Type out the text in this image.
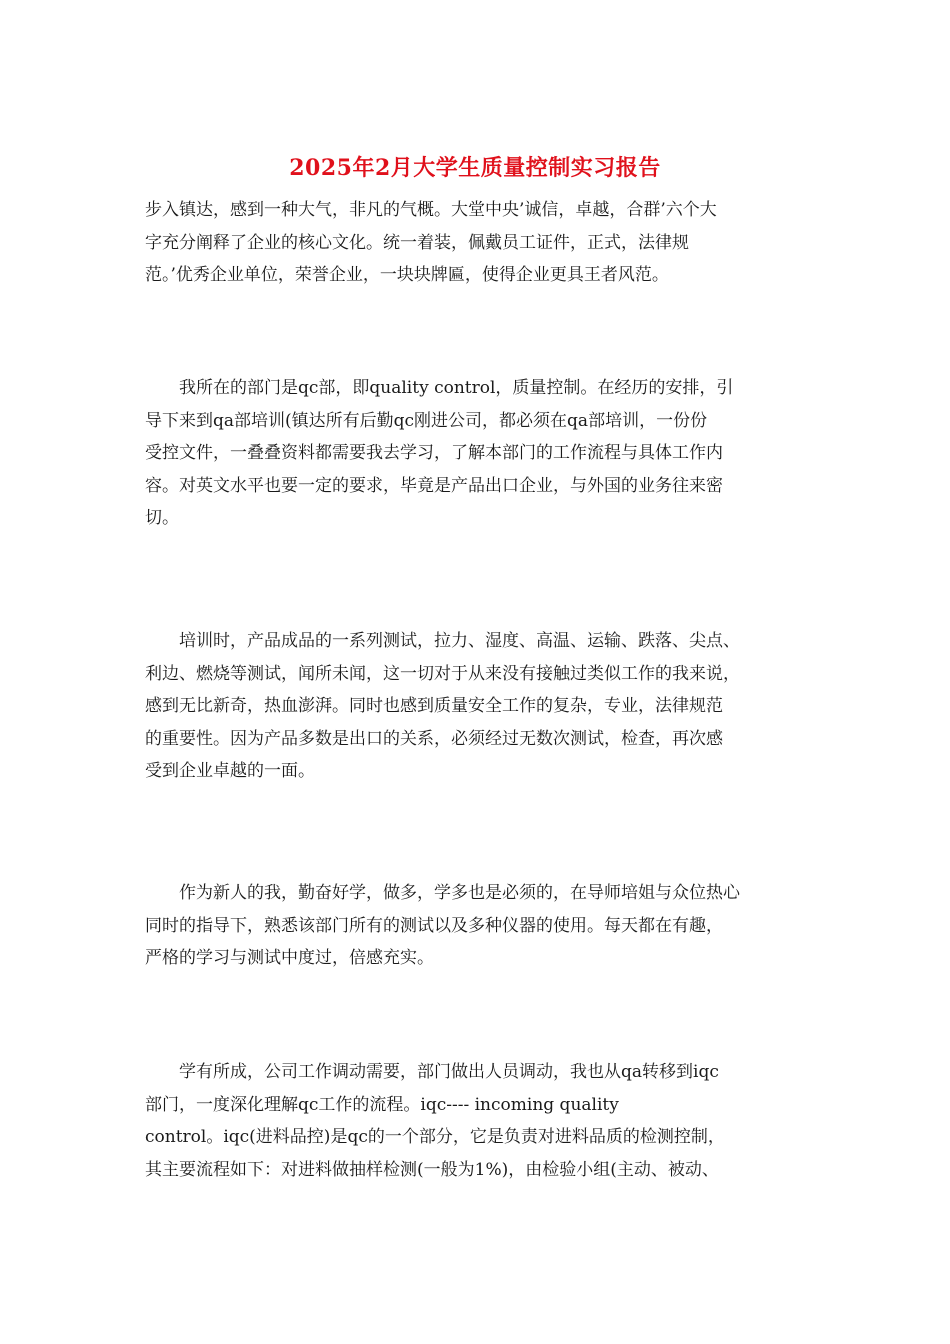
2025年2月大学生质量控制实习报告
步入镇达，感到一种大气，非凡的气概。大堂中央’诚信，卓越，合群’六个大
字充分阐释了企业的核心文化。统一着装，佩戴员工证件，正式，法律规
范。’优秀企业单位，荣誉企业，一块块牌匾，使得企业更具王者风范。
我所在的部门是qc部，即quality control，质量控制。在经历的安排，引
导下来到qa部培训(镇达所有后勤qc刚进公司，都必须在qa部培训，一份份
受控文件，一叠叠资料都需要我去学习，了解本部门的工作流程与具体工作内
容。对英文水平也要一定的要求，毕竟是产品出口企业，与外国的业务往来密
切。
培训时，产品成品的一系列测试，拉力、湿度、高温、运输、跌落、尖点、
利边、燃烧等测试，闻所未闻，这一切对于从来没有接触过类似工作的我来说，
感到无比新奇，热血澎湃。同时也感到质量安全工作的复杂，专业，法律规范
的重要性。因为产品多数是出口的关系，必须经过无数次测试，检查，再次感
受到企业卓越的一面。
作为新人的我，勤奋好学，做多，学多也是必须的，在导师培姐与众位热心
同时的指导下，熟悉该部门所有的测试以及多种仪器的使用。每天都在有趣，
严格的学习与测试中度过，倍感充实。
学有所成，公司工作调动需要，部门做出人员调动，我也从qa转移到iqc
部门，一度深化理解qc工作的流程。iqc---- incoming quality
control。iqc(进料品控)是qc的一个部分，它是负责对进料品质的检测控制，
其主要流程如下：对进料做抽样检测(一般为1%)，由检验小组(主动、被动、
